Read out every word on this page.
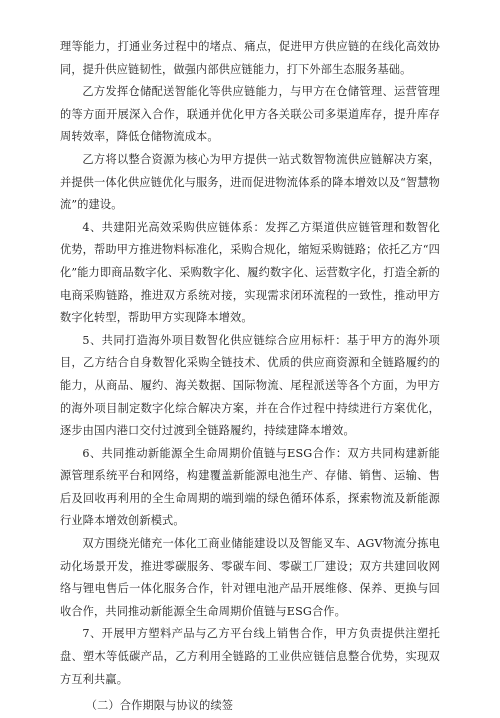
理等能力，打通业务过程中的堵点、痛点，促进甲方供应链的在线化高效协同，提升供应链韧性，做强内部供应链能力，打下外部生态服务基础。

乙方发挥仓储配送智能化等供应链能力，与甲方在仓储管理、运营管理的等方面开展深入合作，联通并优化甲方各关联公司多渠道库存，提升库存周转效率，降低仓储物流成本。

乙方将以整合资源为核心为甲方提供一站式数智物流供应链解决方案，并提供一体化供应链优化与服务，进而促进物流体系的降本增效以及“智慧物流”的建设。

4、共建阳光高效采购供应链体系：发挥乙方渠道供应链管理和数智化优势，帮助甲方推进物料标准化，采购合规化，缩短采购链路；依托乙方“四化”能力即商品数字化、采购数字化、履约数字化、运营数字化，打造全新的电商采购链路，推进双方系统对接，实现需求闭环流程的一致性，推动甲方数字化转型，帮助甲方实现降本增效。

5、共同打造海外项目数智化供应链综合应用标杆：基于甲方的海外项目，乙方结合自身数智化采购全链技术、优质的供应商资源和全链路履约的能力，从商品、履约、海关数据、国际物流、尾程派送等各个方面，为甲方的海外项目制定数字化综合解决方案，并在合作过程中持续进行方案优化，逐步由国内港口交付过渡到全链路履约，持续建降本增效。

6、共同推动新能源全生命周期价值链与ESG合作：双方共同构建新能源管理系统平台和网络，构建覆盖新能源电池生产、存储、销售、运输、售后及回收再利用的全生命周期的端到端的绿色循环体系，探索物流及新能源行业降本增效创新模式。

双方围绕光储充一体化工商业储能建设以及智能叉车、AGV物流分拣电动化场景开发，推进零碳服务、零碳车间、零碳工厂建设；双方共建回收网络与锂电售后一体化服务合作，针对锂电池产品开展维修、保养、更换与回收合作，共同推动新能源全生命周期价值链与ESG合作。

7、开展甲方塑料产品与乙方平台线上销售合作，甲方负责提供注塑托盘、塑木等低碳产品，乙方利用全链路的工业供应链信息整合优势，实现双方互利共赢。

（二）合作期限与协议的续签
